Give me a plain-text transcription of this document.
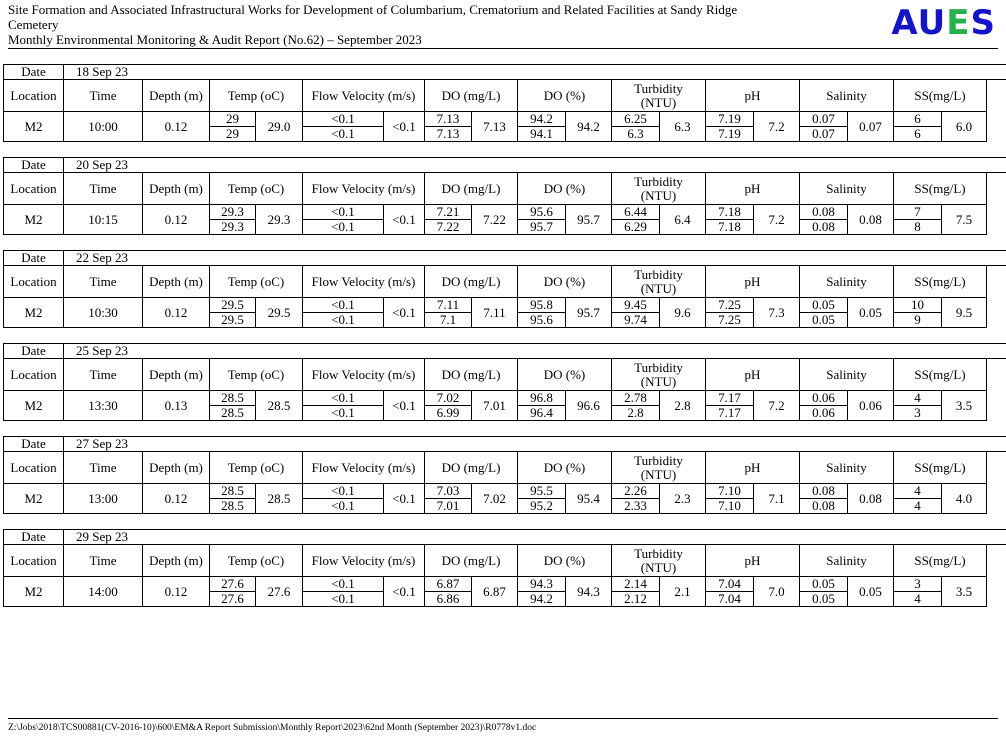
Site Formation and Associated Infrastructural Works for Development of Columbarium, Crematorium and Related Facilities at Sandy Ridge
Cemetery
Monthly Environmental Monitoring & Audit Report (No.62) – September 2023	AUES
Date	18 Sep 23																	
Location	Time	Depth (m)	Temp (oC)		Flow Velocity (m/s)		DO (mg/L)		DO (%)		Turbidity
(NTU)		pH		Salinity		SS(mg/L)	
M2	10:00	0.12	29	29.0	<0.1	<0.1	7.13	7.13	94.2	94.2	6.25	6.3	7.19	7.2	0.07	0.07	6	6.0
			29		<0.1		7.13		94.1		6.3		7.19		0.07		6	
Date	20 Sep 23																	
Location	Time	Depth (m)	Temp (oC)		Flow Velocity (m/s)		DO (mg/L)		DO (%)		Turbidity
(NTU)		pH		Salinity		SS(mg/L)	
M2	10:15	0.12	29.3	29.3	<0.1	<0.1	7.21	7.22	95.6	95.7	6.44	6.4	7.18	7.2	0.08	0.08	7	7.5
			29.3		<0.1		7.22		95.7		6.29		7.18		0.08		8	
Date	22 Sep 23																	
Location	Time	Depth (m)	Temp (oC)		Flow Velocity (m/s)		DO (mg/L)		DO (%)		Turbidity
(NTU)		pH		Salinity		SS(mg/L)	
M2	10:30	0.12	29.5	29.5	<0.1	<0.1	7.11	7.11	95.8	95.7	9.45	9.6	7.25	7.3	0.05	0.05	10	9.5
			29.5		<0.1		7.1		95.6		9.74		7.25		0.05		9	
Date	25 Sep 23																	
Location	Time	Depth (m)	Temp (oC)		Flow Velocity (m/s)		DO (mg/L)		DO (%)		Turbidity
(NTU)		pH		Salinity		SS(mg/L)	
M2	13:30	0.13	28.5	28.5	<0.1	<0.1	7.02	7.01	96.8	96.6	2.78	2.8	7.17	7.2	0.06	0.06	4	3.5
			28.5		<0.1		6.99		96.4		2.8		7.17		0.06		3	
Date	27 Sep 23																	
Location	Time	Depth (m)	Temp (oC)		Flow Velocity (m/s)		DO (mg/L)		DO (%)		Turbidity
(NTU)		pH		Salinity		SS(mg/L)	
M2	13:00	0.12	28.5	28.5	<0.1	<0.1	7.03	7.02	95.5	95.4	2.26	2.3	7.10	7.1	0.08	0.08	4	4.0
			28.5		<0.1		7.01		95.2		2.33		7.10		0.08		4	
Date	29 Sep 23																	
Location	Time	Depth (m)	Temp (oC)		Flow Velocity (m/s)		DO (mg/L)		DO (%)		Turbidity
(NTU)		pH		Salinity		SS(mg/L)	
M2	14:00	0.12	27.6	27.6	<0.1	<0.1	6.87	6.87	94.3	94.3	2.14	2.1	7.04	7.0	0.05	0.05	3	3.5
			27.6		<0.1		6.86		94.2		2.12		7.04		0.05		4	
Z:\Jobs\2018\TCS00881(CV-2016-10)\600\EM&A Report Submission\Monthly Report\2023\62nd Month (September 2023)\R0778v1.doc
